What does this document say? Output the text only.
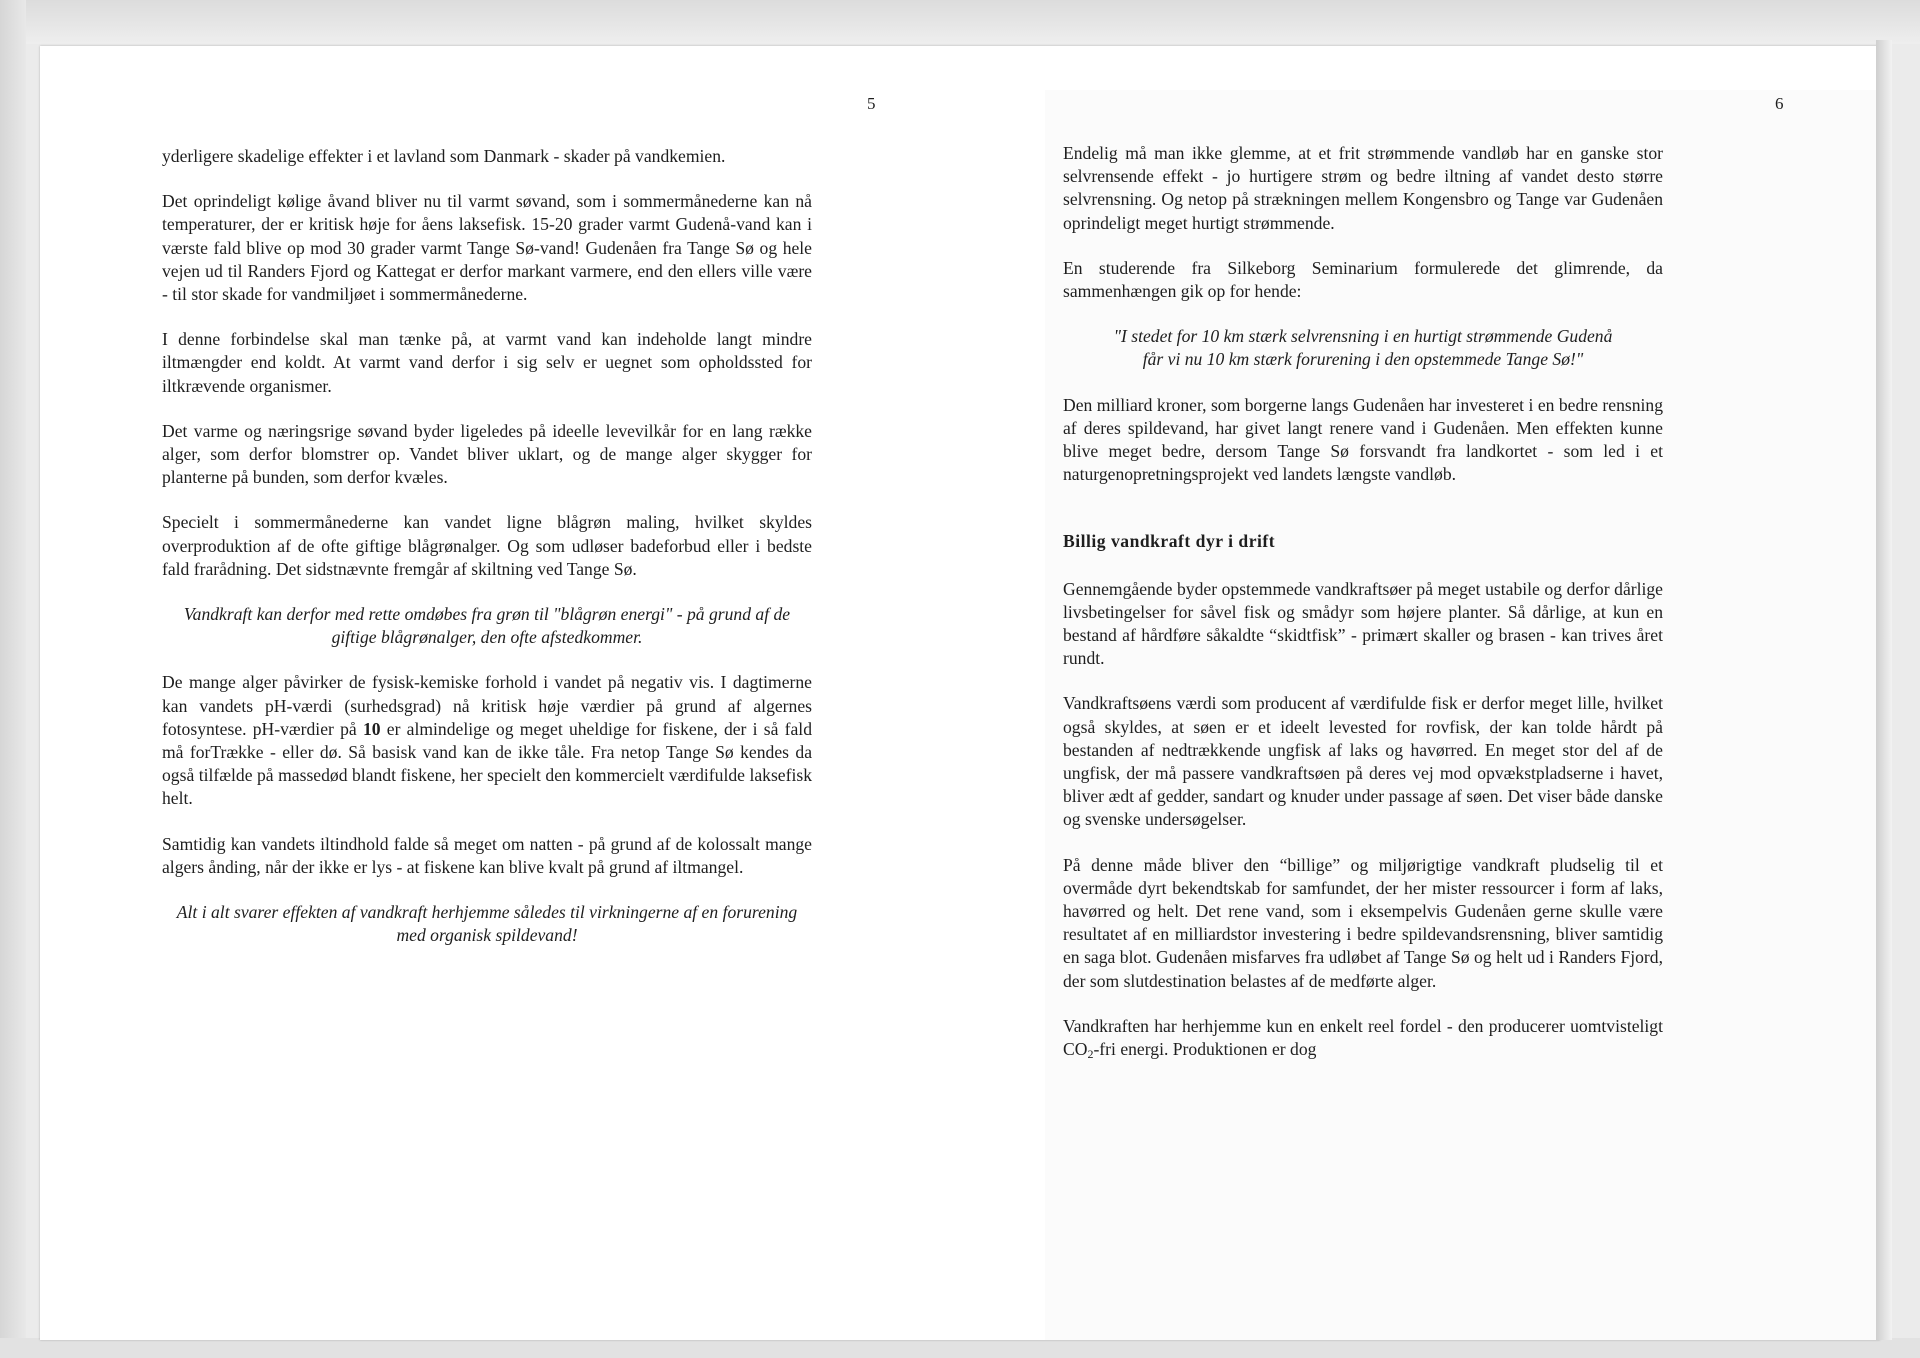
5

yderligere skadelige effekter i et lavland som Danmark - skader på vandkemien.

Det oprindeligt kølige åvand bliver nu til varmt søvand, som i sommermånederne kan nå temperaturer, der er kritisk høje for åens laksefisk. 15-20 grader varmt Gudenå-vand kan i værste fald blive op mod 30 grader varmt Tange Sø-vand! Gudenåen fra Tange Sø og hele vejen ud til Randers Fjord og Kattegat er derfor markant varmere, end den ellers ville være - til stor skade for vandmiljøet i sommermånederne.

I denne forbindelse skal man tænke på, at varmt vand kan indeholde langt mindre iltmængder end koldt. At varmt vand derfor i sig selv er uegnet som opholdssted for iltkrævende organismer.

Det varme og næringsrige søvand byder ligeledes på ideelle levevilkår for en lang række alger, som derfor blomstrer op. Vandet bliver uklart, og de mange alger skygger for planterne på bunden, som derfor kvæles.

Specielt i sommermånederne kan vandet ligne blågrøn maling, hvilket skyldes overproduktion af de ofte giftige blågrønalger. Og som udløser badeforbud eller i bedste fald frarådning. Det sidstnævnte fremgår af skiltning ved Tange Sø.

Vandkraft kan derfor med rette omdøbes fra grøn til "blågrøn energi" - på grund af de giftige blågrønalger, den ofte afstedkommer.

De mange alger påvirker de fysisk-kemiske forhold i vandet på negativ vis. I dagtimerne kan vandets pH-værdi (surhedsgrad) nå kritisk høje værdier på grund af algernes fotosyntese. pH-værdier på 10 er almindelige og meget uheldige for fiskene, der i så fald må forTrække - eller dø. Så basisk vand kan de ikke tåle. Fra netop Tange Sø kendes da også tilfælde på massedød blandt fiskene, her specielt den kommercielt værdifulde laksefisk helt.

Samtidig kan vandets iltindhold falde så meget om natten - på grund af de kolossalt mange algers ånding, når der ikke er lys - at fiskene kan blive kvalt på grund af iltmangel.

Alt i alt svarer effekten af vandkraft herhjemme således til virkningerne af en forurening med organisk spildevand!

6

Endelig må man ikke glemme, at et frit strømmende vandløb har en ganske stor selvrensende effekt - jo hurtigere strøm og bedre iltning af vandet desto større selvrensning. Og netop på strækningen mellem Kongensbro og Tange var Gudenåen oprindeligt meget hurtigt strømmende.

En studerende fra Silkeborg Seminarium formulerede det glimrende, da sammenhængen gik op for hende:

"I stedet for 10 km stærk selvrensning i en hurtigt strømmende Gudenå får vi nu 10 km stærk forurening i den opstemmede Tange Sø!"

Den milliard kroner, som borgerne langs Gudenåen har investeret i en bedre rensning af deres spildevand, har givet langt renere vand i Gudenåen. Men effekten kunne blive meget bedre, dersom Tange Sø forsvandt fra landkortet - som led i et naturgenopretningsprojekt ved landets længste vandløb.

Billig vandkraft dyr i drift

Gennemgående byder opstemmede vandkraftsøer på meget ustabile og derfor dårlige livsbetingelser for såvel fisk og smådyr som højere planter. Så dårlige, at kun en bestand af hårdføre såkaldte “skidtfisk” - primært skaller og brasen - kan trives året rundt.

Vandkraftsøens værdi som producent af værdifulde fisk er derfor meget lille, hvilket også skyldes, at søen er et ideelt levested for rovfisk, der kan tolde hårdt på bestanden af nedtrækkende ungfisk af laks og havørred. En meget stor del af de ungfisk, der må passere vandkraftsøen på deres vej mod opvækstpladserne i havet, bliver ædt af gedder, sandart og knuder under passage af søen. Det viser både danske og svenske undersøgelser.

På denne måde bliver den “billige” og miljørigtige vandkraft pludselig til et overmåde dyrt bekendtskab for samfundet, der her mister ressourcer i form af laks, havørred og helt. Det rene vand, som i eksempelvis Gudenåen gerne skulle være resultatet af en milliardstor investering i bedre spildevandsrensning, bliver samtidig en saga blot. Gudenåen misfarves fra udløbet af Tange Sø og helt ud i Randers Fjord, der som slutdestination belastes af de medførte alger.

Vandkraften har herhjemme kun en enkelt reel fordel - den producerer uomtvisteligt $CO_2$-fri energi. Produktionen er dog
